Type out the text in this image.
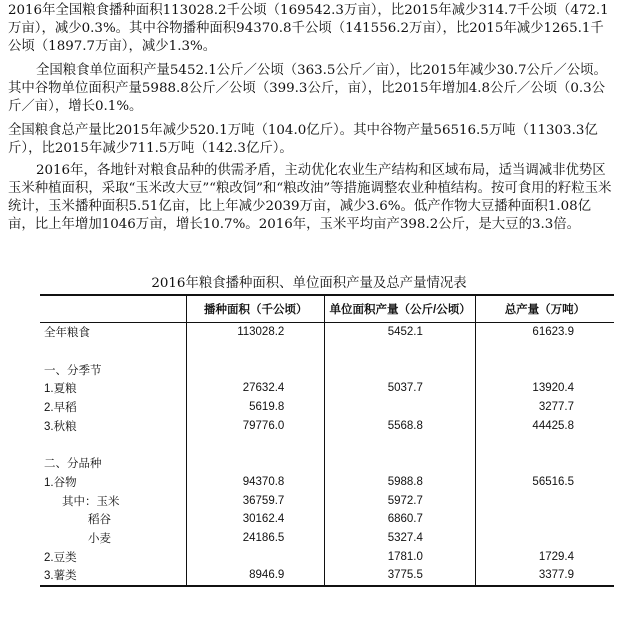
2016年全国粮食播种面积113028.2千公顷（169542.3万亩），比2015年减少314.7千公顷（472.1万亩），减少0.3%。其中谷物播种面积94370.8千公顷（141556.2万亩），比2015年减少1265.1千公顷（1897.7万亩），减少1.3%。

全国粮食单位面积产量5452.1公斤／公顷（363.5公斤／亩），比2015年减少30.7公斤／公顷。其中谷物单位面积产量5988.8公斤／公顷（399.3公斤，亩），比2015年增加4.8公斤／公顷（0.3公斤／亩），增长0.1%。

全国粮食总产量比2015年减少520.1万吨（104.0亿斤）。其中谷物产量56516.5万吨（11303.3亿斤），比2015年减少711.5万吨（142.3亿斤）。

2016年，各地针对粮食品种的供需矛盾，主动优化农业生产结构和区域布局，适当调减非优势区玉米种植面积，采取“玉米改大豆”“粮改饲”和“粮改油”等措施调整农业种植结构。按可食用的籽粒玉米统计，玉米播种面积5.51亿亩，比上年减少2039万亩，减少3.6%。低产作物大豆播种面积1.08亿亩，比上年增加1046万亩，增长10.7%。2016年，玉米平均亩产398.2公斤，是大豆的3.3倍。

2016年粮食播种面积、单位面积产量及总产量情况表

	播种面积（千公顷）	单位面积产量（公斤/公顷）	总产量（万吨）
全年粮食	113028.2	5452.1	61623.9

一、分季节			
1.夏粮	27632.4	5037.7	13920.4
2.早稻	5619.8		3277.7
3.秋粮	79776.0	5568.8	44425.8

二、分品种			
1.谷物	94370.8	5988.8	56516.5
其中：玉米	36759.7	5972.7	
稻谷	30162.4	6860.7	
小麦	24186.5	5327.4	
2.豆类		1781.0	1729.4
3.薯类	8946.9	3775.5	3377.9
